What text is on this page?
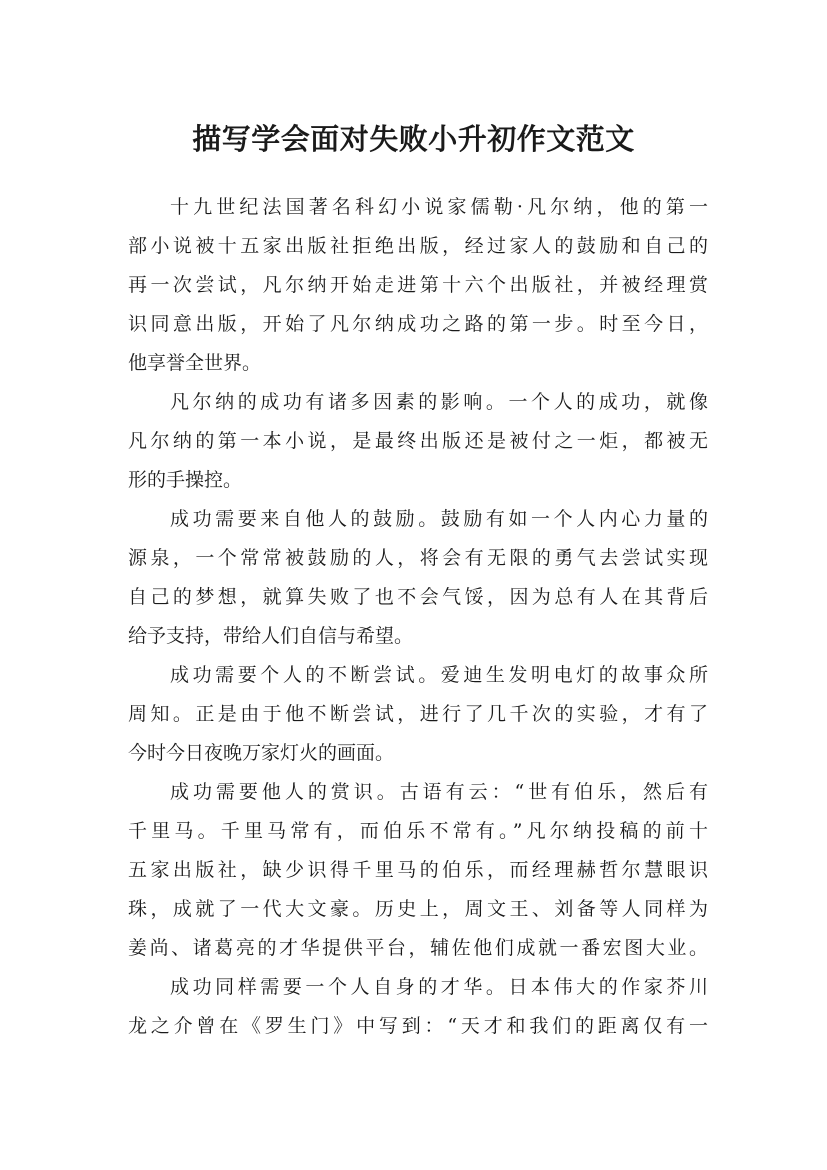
描写学会面对失败小升初作文范文

十九世纪法国著名科幻小说家儒勒·凡尔纳，他的第一
部小说被十五家出版社拒绝出版，经过家人的鼓励和自己的
再一次尝试，凡尔纳开始走进第十六个出版社，并被经理赏
识同意出版，开始了凡尔纳成功之路的第一步。时至今日，
他享誉全世界。

凡尔纳的成功有诸多因素的影响。一个人的成功，就像
凡尔纳的第一本小说，是最终出版还是被付之一炬，都被无
形的手操控。

成功需要来自他人的鼓励。鼓励有如一个人内心力量的
源泉，一个常常被鼓励的人，将会有无限的勇气去尝试实现
自己的梦想，就算失败了也不会气馁，因为总有人在其背后
给予支持，带给人们自信与希望。

成功需要个人的不断尝试。爱迪生发明电灯的故事众所
周知。正是由于他不断尝试，进行了几千次的实验，才有了
今时今日夜晚万家灯火的画面。

成功需要他人的赏识。古语有云：“世有伯乐，然后有
千里马。千里马常有，而伯乐不常有。”凡尔纳投稿的前十
五家出版社，缺少识得千里马的伯乐，而经理赫哲尔慧眼识
珠，成就了一代大文豪。历史上，周文王、刘备等人同样为
姜尚、诸葛亮的才华提供平台，辅佐他们成就一番宏图大业。

成功同样需要一个人自身的才华。日本伟大的作家芥川
龙之介曾在《罗生门》中写到：“天才和我们的距离仅有一
